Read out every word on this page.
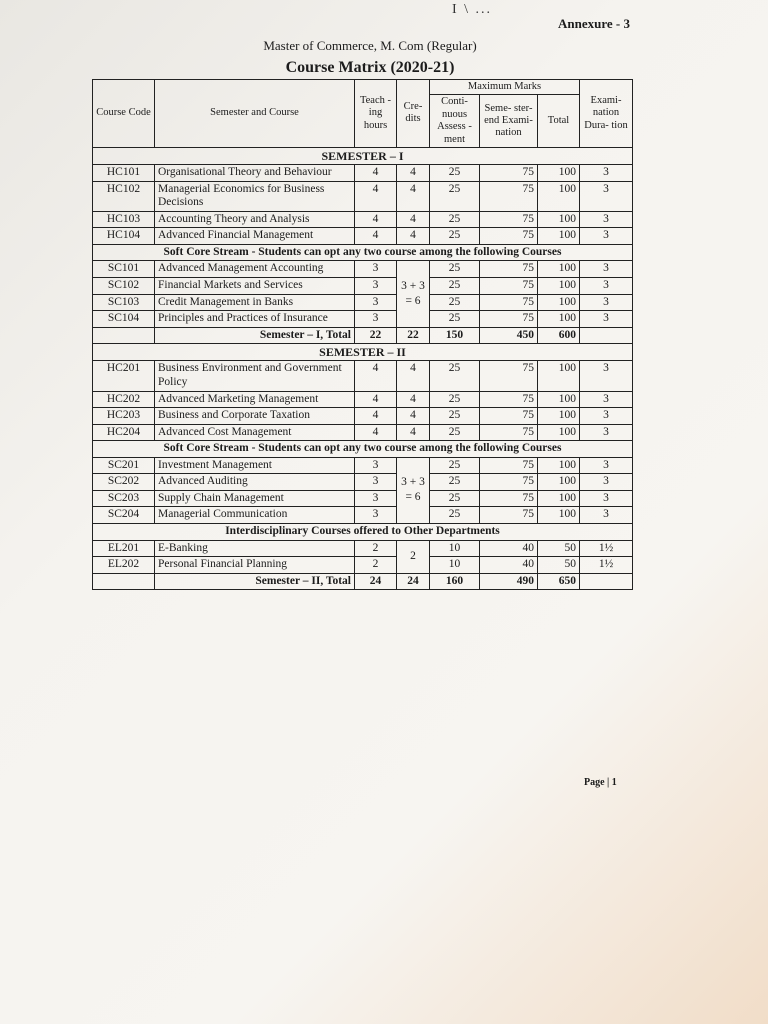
I \ ...
Annexure - 3
Master of Commerce, M. Com (Regular)
Course Matrix (2020-21)
Course Code	Semester and Course	Teach -ing hours	Cre- dits	Maximum Marks			Exami- nation Dura- tion
				Conti- nuous Assess -ment	Seme- ster-end Exami- nation	Total	
SEMESTER – I							
HC101	Organisational Theory and Behaviour	4	4	25	75	100	3
HC102	Managerial Economics for Business Decisions	4	4	25	75	100	3
HC103	Accounting Theory and Analysis	4	4	25	75	100	3
HC104	Advanced Financial Management	4	4	25	75	100	3
Soft Core Stream - Students can opt any two course among the following Courses							
SC101	Advanced Management Accounting	3	3 + 3 = 6	25	75	100	3
SC102	Financial Markets and Services	3		25	75	100	3
SC103	Credit Management in Banks	3		25	75	100	3
SC104	Principles and Practices of Insurance	3		25	75	100	3
	Semester – I, Total	22	22	150	450	600	
SEMESTER – II							
HC201	Business Environment and Government Policy	4	4	25	75	100	3
HC202	Advanced Marketing Management	4	4	25	75	100	3
HC203	Business and Corporate Taxation	4	4	25	75	100	3
HC204	Advanced Cost Management	4	4	25	75	100	3
Soft Core Stream - Students can opt any two course among the following Courses							
SC201	Investment Management	3	3 + 3 = 6	25	75	100	3
SC202	Advanced Auditing	3		25	75	100	3
SC203	Supply Chain Management	3		25	75	100	3
SC204	Managerial Communication	3		25	75	100	3
Interdisciplinary Courses offered to Other Departments							
EL201	E-Banking	2	2	10	40	50	1½
EL202	Personal Financial Planning	2		10	40	50	1½
	Semester – II, Total	24	24	160	490	650	
Page | 1
